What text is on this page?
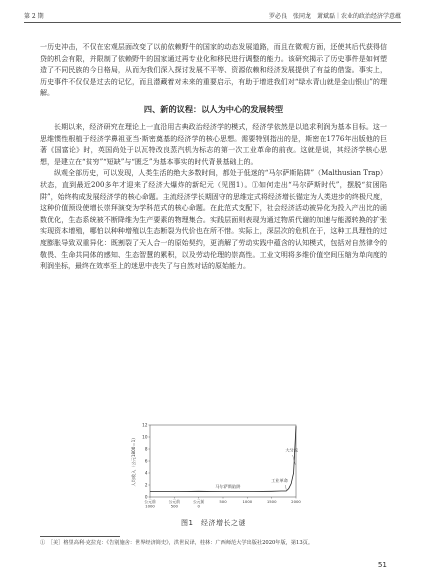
第 2 期	罗必良　张同龙　萧斌磊｜农业的政治经济学意蕴

一历史冲击，不仅在宏观层面改变了以前依赖野牛的国家的动态发展道路，而且在微观方面，还使其后代获得信贷的机会有限，并限制了依赖野牛的国家通过再专业化和移民进行调整的能力。该研究揭示了历史事件是如何塑造了不同民族的今日格局，从而为我们深入探讨发展不平等、资源依赖和经济发展提供了有益的借鉴。事实上，历史事件不仅仅是过去的记忆，而且潜藏着对未来的重要启示，有助于增进我们对“绿水青山就是金山银山”的理解。

四、新的议程：以人为中心的发展转型

长期以来，经济研究在理论上一直沿用古典政治经济学的模式，经济学依然是以追求利润为基本目标。这一思维惯性根植于经济学鼻祖亚当·斯密奠基的经济学的核心思想。需要特别指出的是，斯密在1776年出版他的巨著《国富论》时，英国尚处于以瓦特改良蒸汽机为标志的第一次工业革命的前夜。这就是说，其经济学核心思想，是建立在“贫穷”“短缺”与“匮乏”为基本事实的时代背景基础上的。

纵观全部历史，可以发现，人类生活的绝大多数时间，都处于低迷的“马尔萨斯陷阱”（Malthusian Trap）状态，直到最近200多年才迎来了经济大爆炸的新纪元（见图1）。①如何走出“马尔萨斯时代”，摆脱“贫困陷阱”，始终构成发展经济学的核心命题。主流经济学长期固守的思维定式将经济增长锚定为人类进步的终极尺度，这种价值预设使增长崇拜演变为学科范式的核心命题。在此范式支配下，社会经济活动被异化为投入产出比的函数优化，生态系统被不断降维为生产要素的物理集合。实践层面则表现为通过物质代谢的加速与能源转换的扩张实现资本增殖，哪怕以种种增殖以生态断裂为代价也在所不惜。实际上，深层次的危机在于，这种工具理性的过度膨胀导致双重异化：既割裂了天人合一的原始契约，更消解了劳动实践中蕴含的认知模式，包括对自然律令的敬畏、生命共同体的感知、生态智慧的累积，以及劳动伦理的崇高性。工业文明将多维价值空间压缩为单向度的利润坐标，最终在效率至上的迷思中丧失了与自然对话的原始能力。

0
2
4
6
8
10
12
公元前
1000
公元前
500
公元前
0
500	1000	1500	2000
人均收入（公元1800＝1）	马尔萨斯陷阱
工业革命
大分流
图1　经济增长之谜
①　［美］格里高利·克拉克：《告别施舍：世界经济简史》，洪世民译，桂林：广西师范大学出版社2020年版，第13页。
51
